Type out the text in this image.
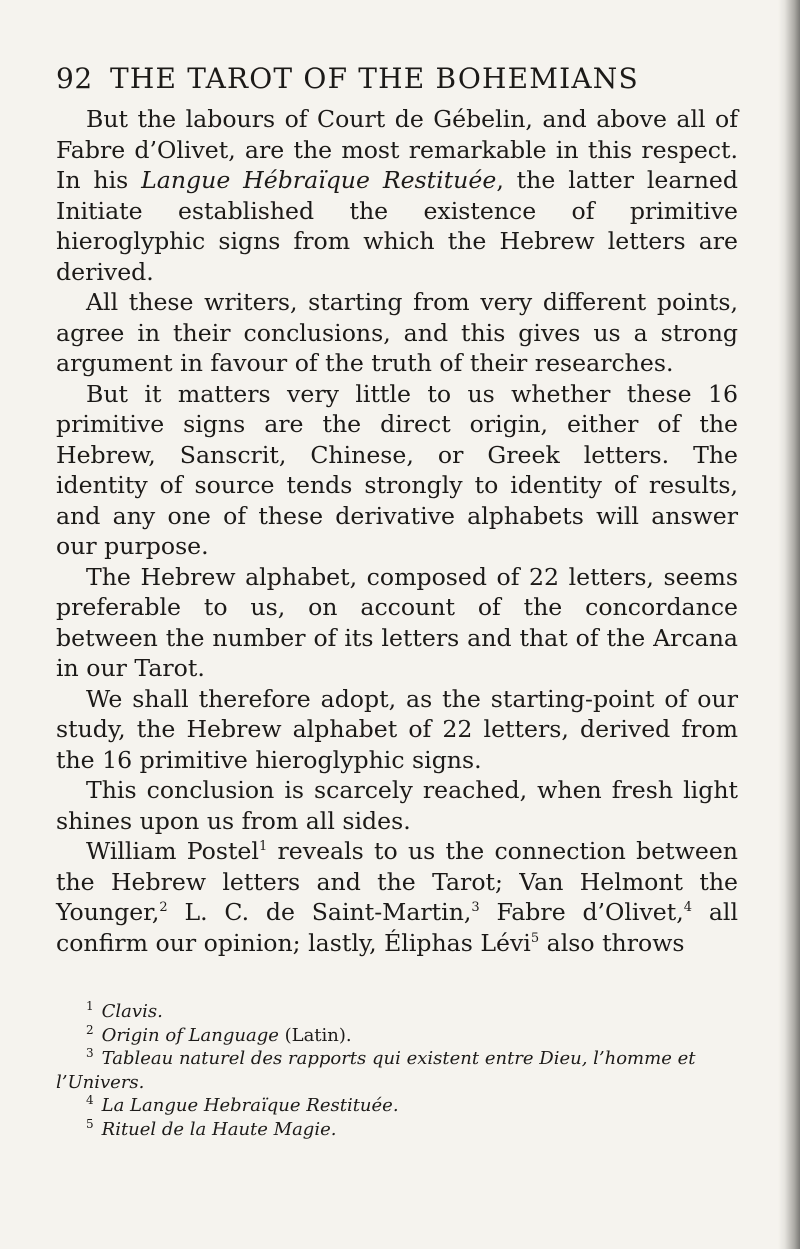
92 THE TAROT OF THE BOHEMIANS

But the labours of Court de Gébelin, and above all of Fabre d’Olivet, are the most remarkable in this respect. In his Langue Hébraïque Restituée, the latter learned Initiate established the existence of primitive hieroglyphic signs from which the Hebrew letters are derived.

All these writers, starting from very different points, agree in their conclusions, and this gives us a strong argument in favour of the truth of their researches.

But it matters very little to us whether these 16 primitive signs are the direct origin, either of the Hebrew, Sanscrit, Chinese, or Greek letters. The identity of source tends strongly to identity of results, and any one of these derivative alphabets will answer our purpose.

The Hebrew alphabet, composed of 22 letters, seems preferable to us, on account of the concordance between the number of its letters and that of the Arcana in our Tarot.

We shall therefore adopt, as the starting-point of our study, the Hebrew alphabet of 22 letters, derived from the 16 primitive hieroglyphic signs.

This conclusion is scarcely reached, when fresh light shines upon us from all sides.

William Postel$^1$ reveals to us the connection between the Hebrew letters and the Tarot; Van Helmont the Younger,$^2$ L. C. de Saint-Martin,$^3$ Fabre d’Olivet,$^4$ all confirm our opinion; lastly, Éliphas Lévi$^5$ also throws

$^1$ Clavis.

$^2$ Origin of Language (Latin).

$^3$ Tableau naturel des rapports qui existent entre Dieu, l’homme et l’Univers.

$^4$ La Langue Hebraïque Restituée.

$^5$ Rituel de la Haute Magie.
